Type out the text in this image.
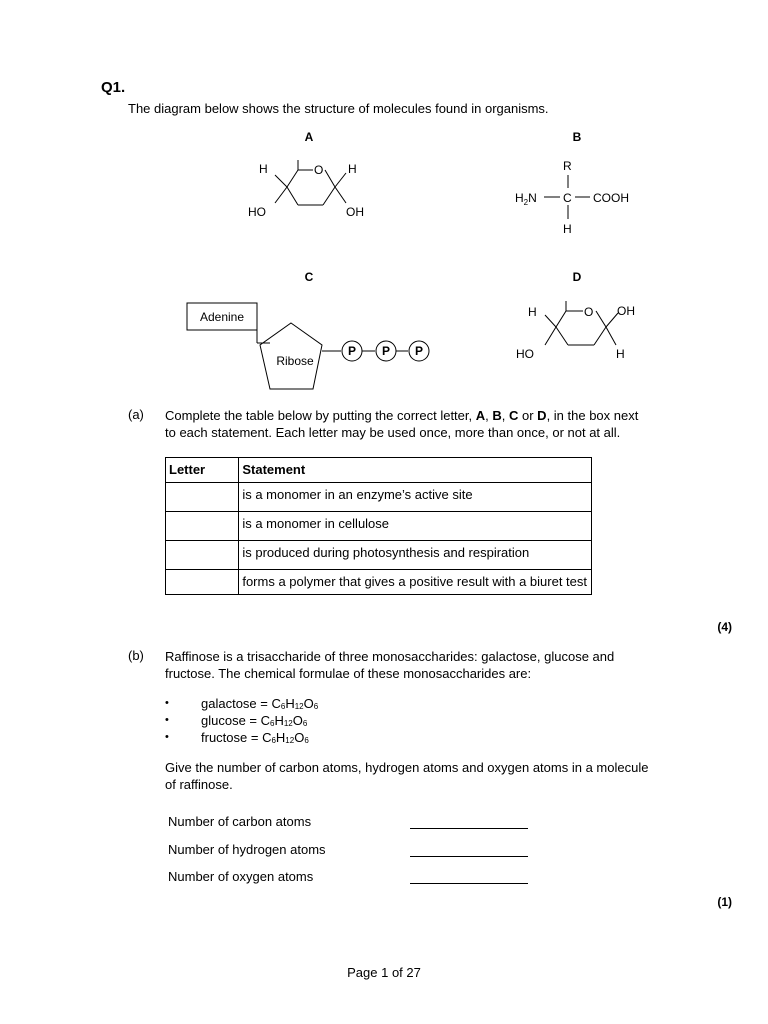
Q1.
The diagram below shows the structure of molecules found in organisms.
A
H	O H
HO	OH
B
R
$H_2N$ C COOH
H
C
Adenine
Ribose
P P P
D
H	O OH
HO	H
(a) Complete the table below by putting the correct letter, A, B, C or D, in the box next
to each statement. Each letter may be used once, more than once, or not at all.
Letter	Statement
	is a monomer in an enzyme’s active site
	is a monomer in cellulose
	is produced during photosynthesis and respiration
	forms a polymer that gives a positive result with a biuret test
(4)
(b) Raffinose is a trisaccharide of three monosaccharides: galactose, glucose and
fructose. The chemical formulae of these monosaccharides are:
•	galactose = $C_6H_{12}O_6$
•	$glucose = C_6H_{12}O_6$
•	fructose = $C_6H_{12}O_6$
Give the number of carbon atoms, hydrogen atoms and oxygen atoms in a molecule
of raffinose.
Number of carbon atoms
Number of hydrogen atoms
Number of oxygen atoms
(1)
Page 1 of 27
